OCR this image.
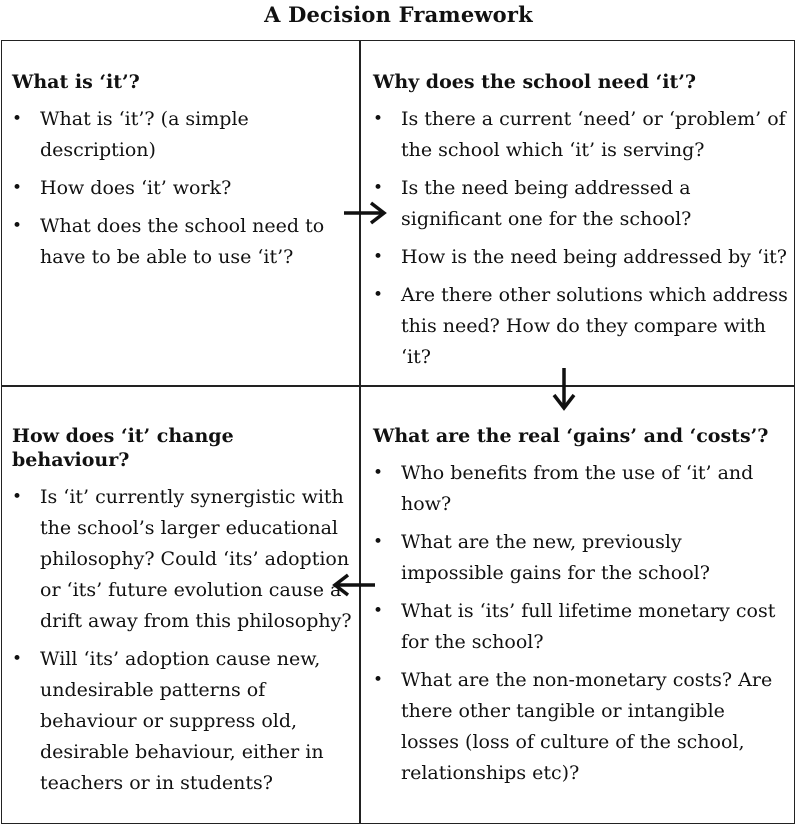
A Decision Framework
What is ‘it’?
• What is ‘it’? (a simple description)
• How does ‘it’ work?
• What does the school need to have to be able to use ‘it’?
Why does the school need ‘it’?
• Is there a current ‘need’ or ‘problem’ of the school which ‘it’ is serving?
• Is the need being addressed a significant one for the school?
• How is the need being addressed by ‘it?
• Are there other solutions which address this need? How do they compare with ‘it?
How does ‘it’ change behaviour?
• Is ‘it’ currently synergistic with the school’s larger educational philosophy? Could ‘its’ adoption or ‘its’ future evolution cause a drift away from this philosophy?
• Will ‘its’ adoption cause new, undesirable patterns of behaviour or suppress old, desirable behaviour, either in teachers or in students?
What are the real ‘gains’ and ‘costs’?
• Who benefits from the use of ‘it’ and how?
• What are the new, previously impossible gains for the school?
• What is ‘its’ full lifetime monetary cost for the school?
• What are the non-monetary costs? Are there other tangible or intangible losses (loss of culture of the school, relationships etc)?
